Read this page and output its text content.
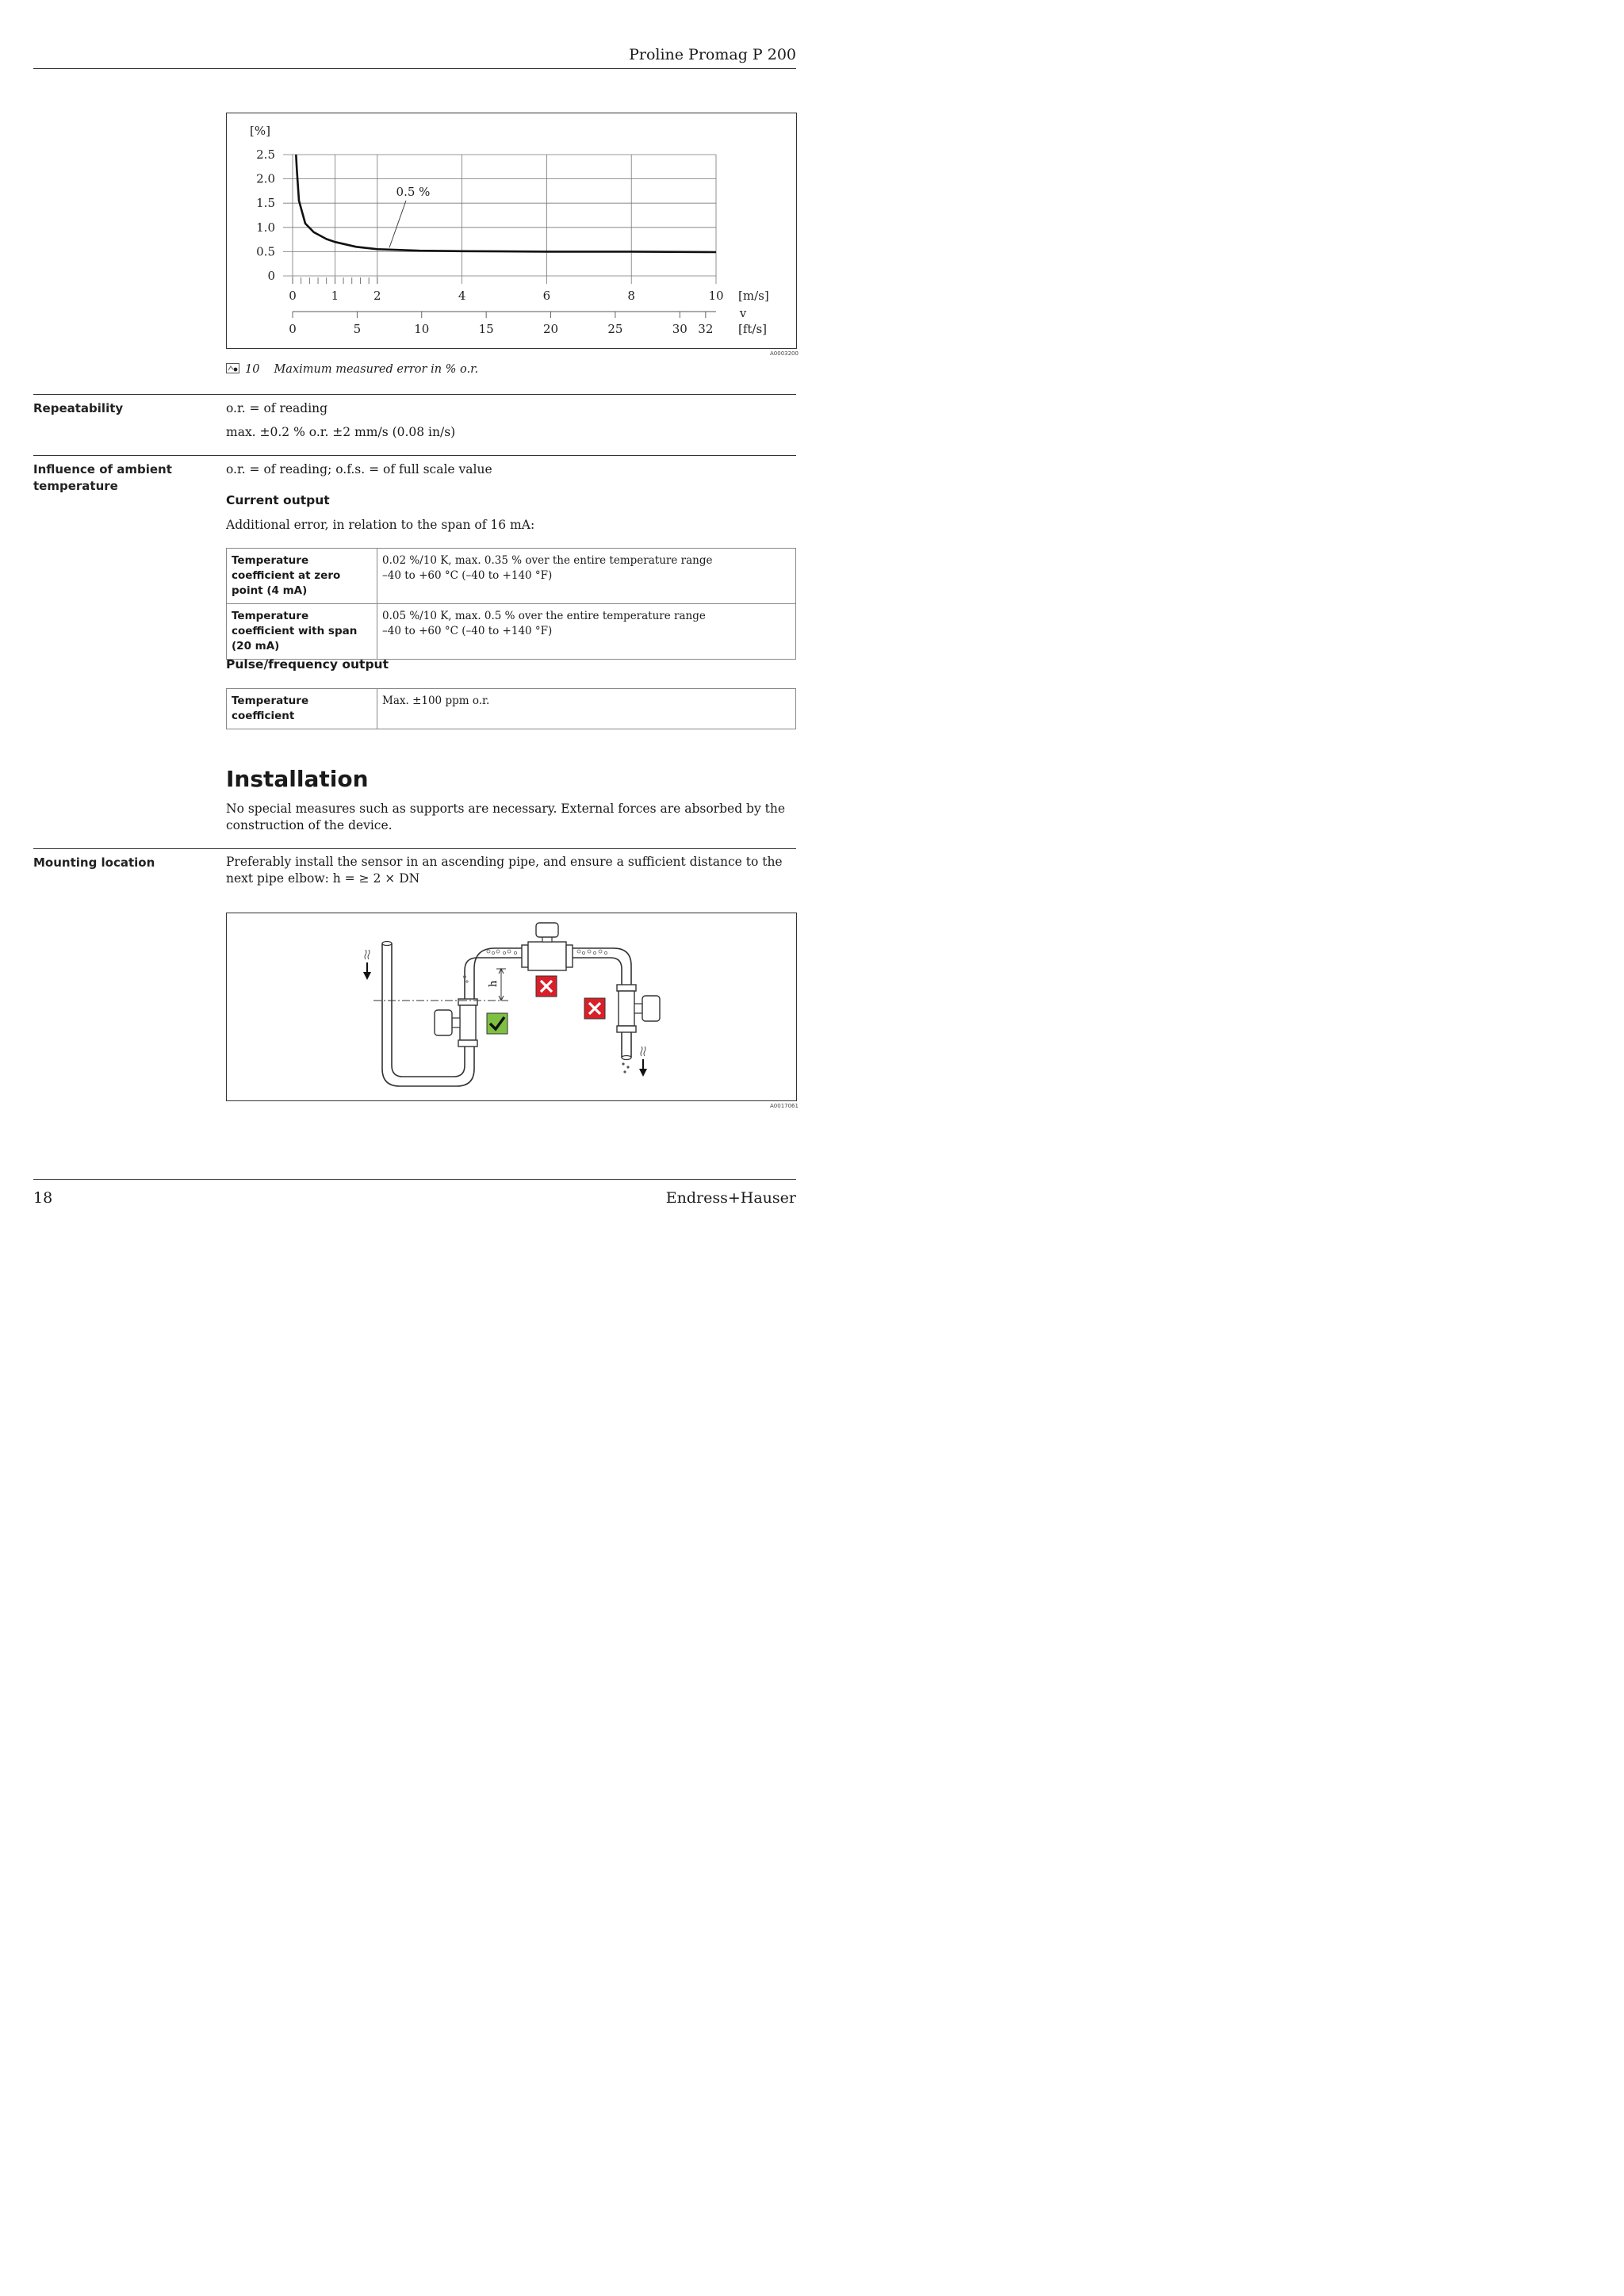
Proline Promag P 200
2.5
2.0
1.5
1.0
0.5
0
0	1	2	4	6	8	10 [m/s]
0	5	10	15	20	25	30 32 [ft/s]
v
[%]
0.5 %
A0003200
10 Maximum measured error in % o.r.
Repeatability	o.r. = of reading
max. ±0.2 % o.r. ±2 mm/s (0.08 in/s)
Influence of ambient temperature
o.r. = of reading; o.f.s. = of full scale value
Current output
Additional error, in relation to the span of 16 mA:
Temperature coefficient at zero point (4 mA)	0.02 %/10 K, max. 0.35 % over the entire temperature range
–40 to +60 °C (–40 to +140 °F)

Temperature coefficient with span (20 mA)	0.05 %/10 K, max. 0.5 % over the entire temperature range
–40 to +60 °C (–40 to +140 °F)
Pulse/frequency output
Temperature coefficient	Max. ±100 ppm o.r.
Installation
No special measures such as supports are necessary. External forces are absorbed by the construction of the device.
Mounting location	Preferably install the sensor in an ascending pipe, and ensure a sufficient distance to the next pipe elbow: h = ≥ 2 × DN
h
A0017061
18	Endress+Hauser
